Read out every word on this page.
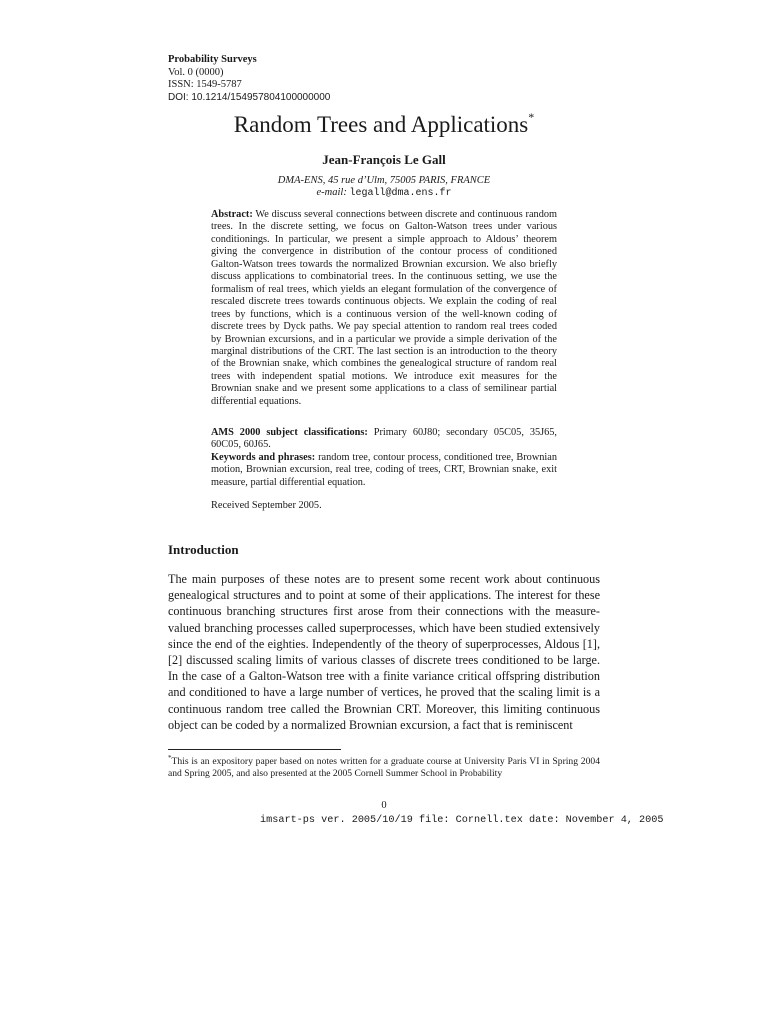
Probability Surveys
Vol. 0 (0000)
ISSN: 1549-5787
DOI: 10.1214/154957804100000000
Random Trees and Applications*
Jean-François Le Gall
DMA-ENS, 45 rue d’Ulm, 75005 PARIS, FRANCE
e-mail: legall@dma.ens.fr
Abstract: We discuss several connections between discrete and continuous random trees. In the discrete setting, we focus on Galton-Watson trees under various conditionings. In particular, we present a simple approach to Aldous’ theorem giving the convergence in distribution of the contour process of conditioned Galton-Watson trees towards the normalized Brownian excursion. We also briefly discuss applications to combinatorial trees. In the continuous setting, we use the formalism of real trees, which yields an elegant formulation of the convergence of rescaled discrete trees towards continuous objects. We explain the coding of real trees by functions, which is a continuous version of the well-known coding of discrete trees by Dyck paths. We pay special attention to random real trees coded by Brownian excursions, and in a particular we provide a simple derivation of the marginal distributions of the CRT. The last section is an introduction to the theory of the Brownian snake, which combines the genealogical structure of random real trees with independent spatial motions. We introduce exit measures for the Brownian snake and we present some applications to a class of semilinear partial differential equations.

AMS 2000 subject classifications: Primary 60J80; secondary 05C05, 35J65, 60C05, 60J65.

Keywords and phrases: random tree, contour process, conditioned tree, Brownian motion, Brownian excursion, real tree, coding of trees, CRT, Brownian snake, exit measure, partial differential equation.

Received September 2005.
Introduction
The main purposes of these notes are to present some recent work about continuous genealogical structures and to point at some of their applications. The interest for these continuous branching structures first arose from their connections with the measure-valued branching processes called superprocesses, which have been studied extensively since the end of the eighties. Independently of the theory of superprocesses, Aldous [1],[2] discussed scaling limits of various classes of discrete trees conditioned to be large. In the case of a Galton-Watson tree with a finite variance critical offspring distribution and conditioned to have a large number of vertices, he proved that the scaling limit is a continuous random tree called the Brownian CRT. Moreover, this limiting continuous object can be coded by a normalized Brownian excursion, a fact that is reminiscent
*This is an expository paper based on notes written for a graduate course at University Paris VI in Spring 2004 and Spring 2005, and also presented at the 2005 Cornell Summer School in Probability
0
imsart-ps ver. 2005/10/19 file: Cornell.tex date: November 4, 2005
